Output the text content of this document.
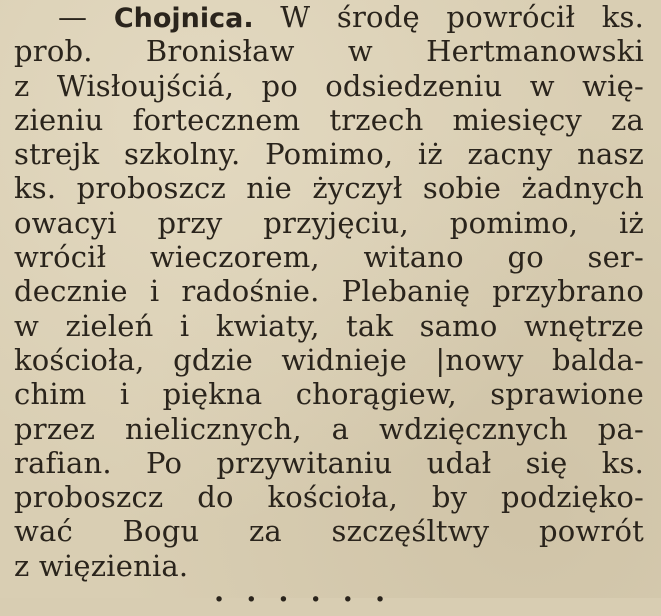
— Chojnica. W środę powrócił ks.
prob. Bronisław w Hertmanowski
z Wisłoujściá, po odsiedzeniu w wię-
zieniu fortecznem trzech miesięcy za
strejk szkolny. Pomimo, iż zacny nasz
ks. proboszcz nie życzył sobie żadnych
owacyi przy przyjęciu, pomimo, iż
wrócił wieczorem, witano go ser-
decznie i radośnie. Plebanię przybrano
w zieleń i kwiaty, tak samo wnętrze
kościoła, gdzie widnieje |nowy balda-
chim i piękna chorągiew, sprawione
przez nielicznych, a wdzięcznych pa-
rafian. Po przywitaniu udał się ks.
proboszcz do kościoła, by podzięko-
wać Bogu za szczęśltwy powrót
z więzienia.
· · · · · ·
